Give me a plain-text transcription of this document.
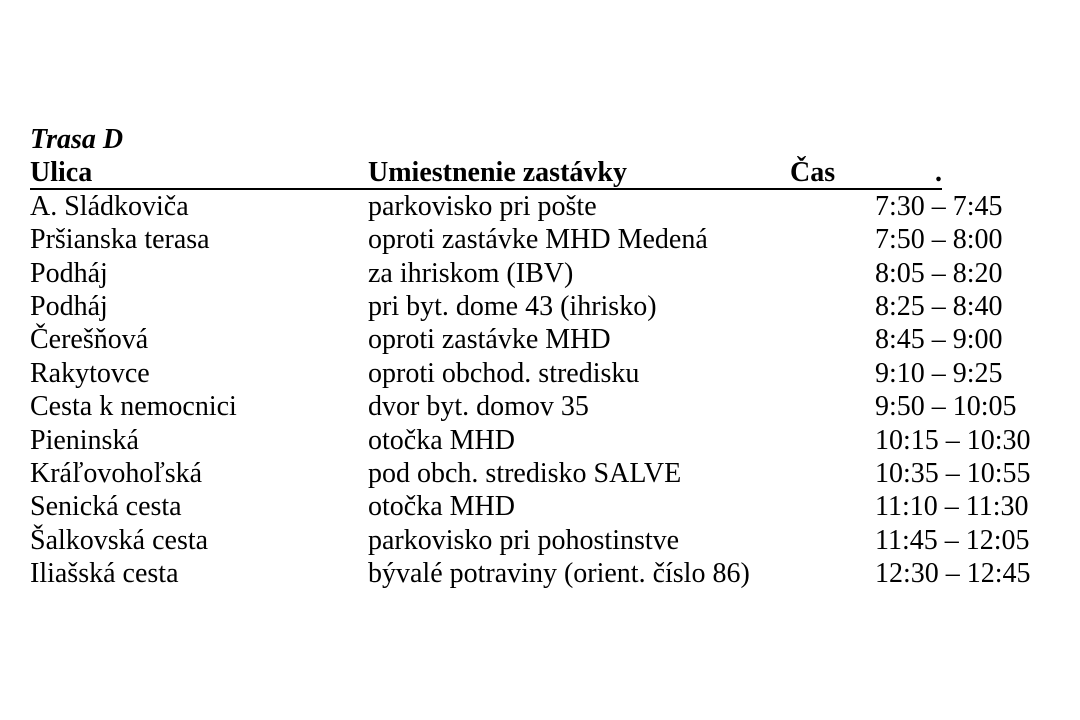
Trasa D
Ulica	Umiestnenie zastávky	Čas	.
A. Sládkoviča	parkovisko pri pošte	7:30 – 7:45
Pršianska terasa	oproti zastávke MHD Medená	7:50 – 8:00
Podháj	za ihriskom (IBV)	8:05 – 8:20
Podháj	pri byt. dome 43 (ihrisko)	8:25 – 8:40
Čerešňová	oproti zastávke MHD	8:45 – 9:00
Rakytovce	oproti obchod. stredisku	9:10 – 9:25
Cesta k nemocnici	dvor byt. domov 35	9:50 – 10:05
Pieninská	otočka MHD	10:15 – 10:30
Kráľovohoľská	pod obch. stredisko SALVE	10:35 – 10:55
Senická cesta	otočka MHD	11:10 – 11:30
Šalkovská cesta	parkovisko pri pohostinstve	11:45 – 12:05
Iliašská cesta	bývalé potraviny (orient. číslo 86)	12:30 – 12:45
